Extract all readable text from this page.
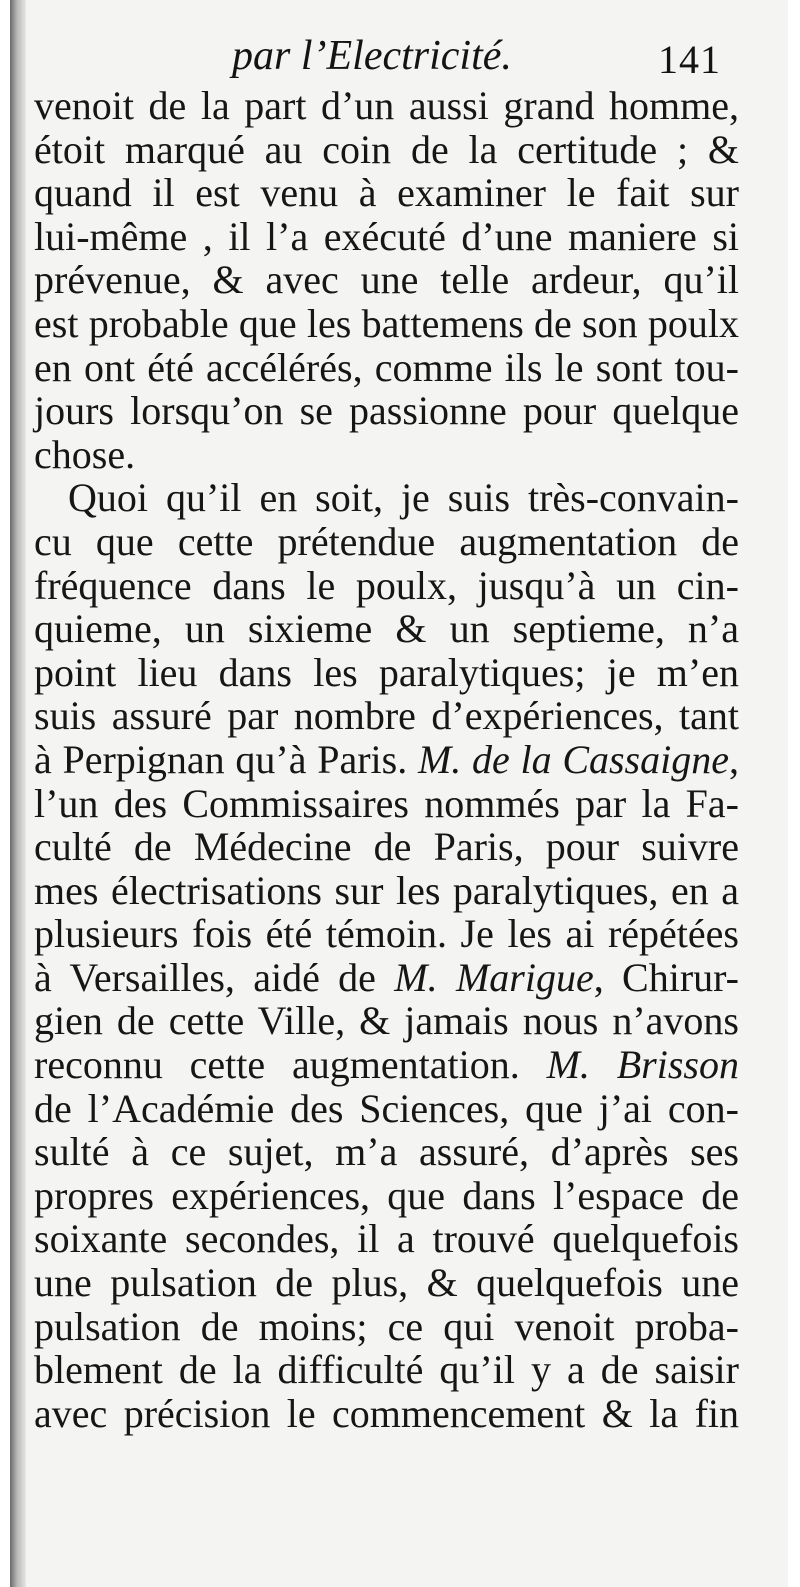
par l’Electricité.	141
venoit de la part d’un aussi grand homme,
étoit marqué au coin de la certitude ; &
quand il est venu à examiner le fait sur
lui-même , il l’a exécuté d’une maniere si
prévenue, & avec une telle ardeur, qu’il
est probable que les battemens de son poulx
en ont été accélérés, comme ils le sont tou-
jours lorsqu’on se passionne pour quelque
chose.
Quoi qu’il en soit, je suis très-convain-
cu que cette prétendue augmentation de
fréquence dans le poulx, jusqu’à un cin-
quieme, un sixieme & un septieme, n’a
point lieu dans les paralytiques; je m’en
suis assuré par nombre d’expériences, tant
à Perpignan qu’à Paris. M. de la Cassaigne,
l’un des Commissaires nommés par la Fa-
culté de Médecine de Paris, pour suivre
mes électrisations sur les paralytiques, en a
plusieurs fois été témoin. Je les ai répétées
à Versailles, aidé de M. Marigue, Chirur-
gien de cette Ville, & jamais nous n’avons
reconnu cette augmentation. M. Brisson
de l’Académie des Sciences, que j’ai con-
sulté à ce sujet, m’a assuré, d’après ses
propres expériences, que dans l’espace de
soixante secondes, il a trouvé quelquefois
une pulsation de plus, & quelquefois une
pulsation de moins; ce qui venoit proba-
blement de la difficulté qu’il y a de saisir
avec précision le commencement & la fin
